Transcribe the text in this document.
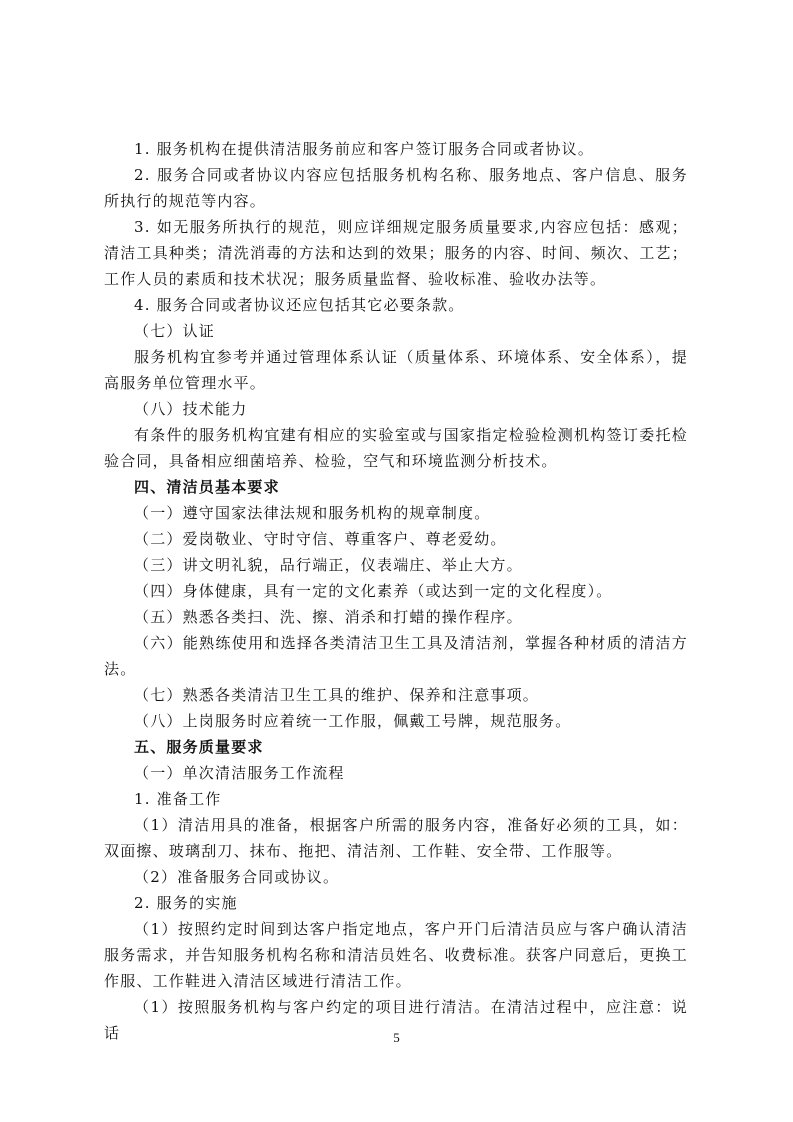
1. 服务机构在提供清洁服务前应和客户签订服务合同或者协议。

2. 服务合同或者协议内容应包括服务机构名称、服务地点、客户信息、服务所执行的规范等内容。

3. 如无服务所执行的规范，则应详细规定服务质量要求,内容应包括：感观；清洁工具种类；清洗消毒的方法和达到的效果；服务的内容、时间、频次、工艺；工作人员的素质和技术状况；服务质量监督、验收标准、验收办法等。

4. 服务合同或者协议还应包括其它必要条款。

（七）认证

服务机构宜参考并通过管理体系认证（质量体系、环境体系、安全体系），提高服务单位管理水平。

（八）技术能力

有条件的服务机构宜建有相应的实验室或与国家指定检验检测机构签订委托检验合同，具备相应细菌培养、检验，空气和环境监测分析技术。

四、清洁员基本要求

（一）遵守国家法律法规和服务机构的规章制度。

（二）爱岗敬业、守时守信、尊重客户、尊老爱幼。

（三）讲文明礼貌，品行端正，仪表端庄、举止大方。

（四）身体健康，具有一定的文化素养（或达到一定的文化程度）。

（五）熟悉各类扫、洗、擦、消杀和打蜡的操作程序。

（六）能熟练使用和选择各类清洁卫生工具及清洁剂，掌握各种材质的清洁方法。

（七）熟悉各类清洁卫生工具的维护、保养和注意事项。

（八）上岗服务时应着统一工作服，佩戴工号牌，规范服务。

五、服务质量要求

（一）单次清洁服务工作流程

1. 准备工作

（1）清洁用具的准备，根据客户所需的服务内容，准备好必须的工具，如：双面擦、玻璃刮刀、抹布、拖把、清洁剂、工作鞋、安全带、工作服等。

（2）准备服务合同或协议。

2. 服务的实施

（1）按照约定时间到达客户指定地点，客户开门后清洁员应与客户确认清洁服务需求，并告知服务机构名称和清洁员姓名、收费标准。获客户同意后，更换工作服、工作鞋进入清洁区域进行清洁工作。

（1）按照服务机构与客户约定的项目进行清洁。在清洁过程中，应注意：说话	5
